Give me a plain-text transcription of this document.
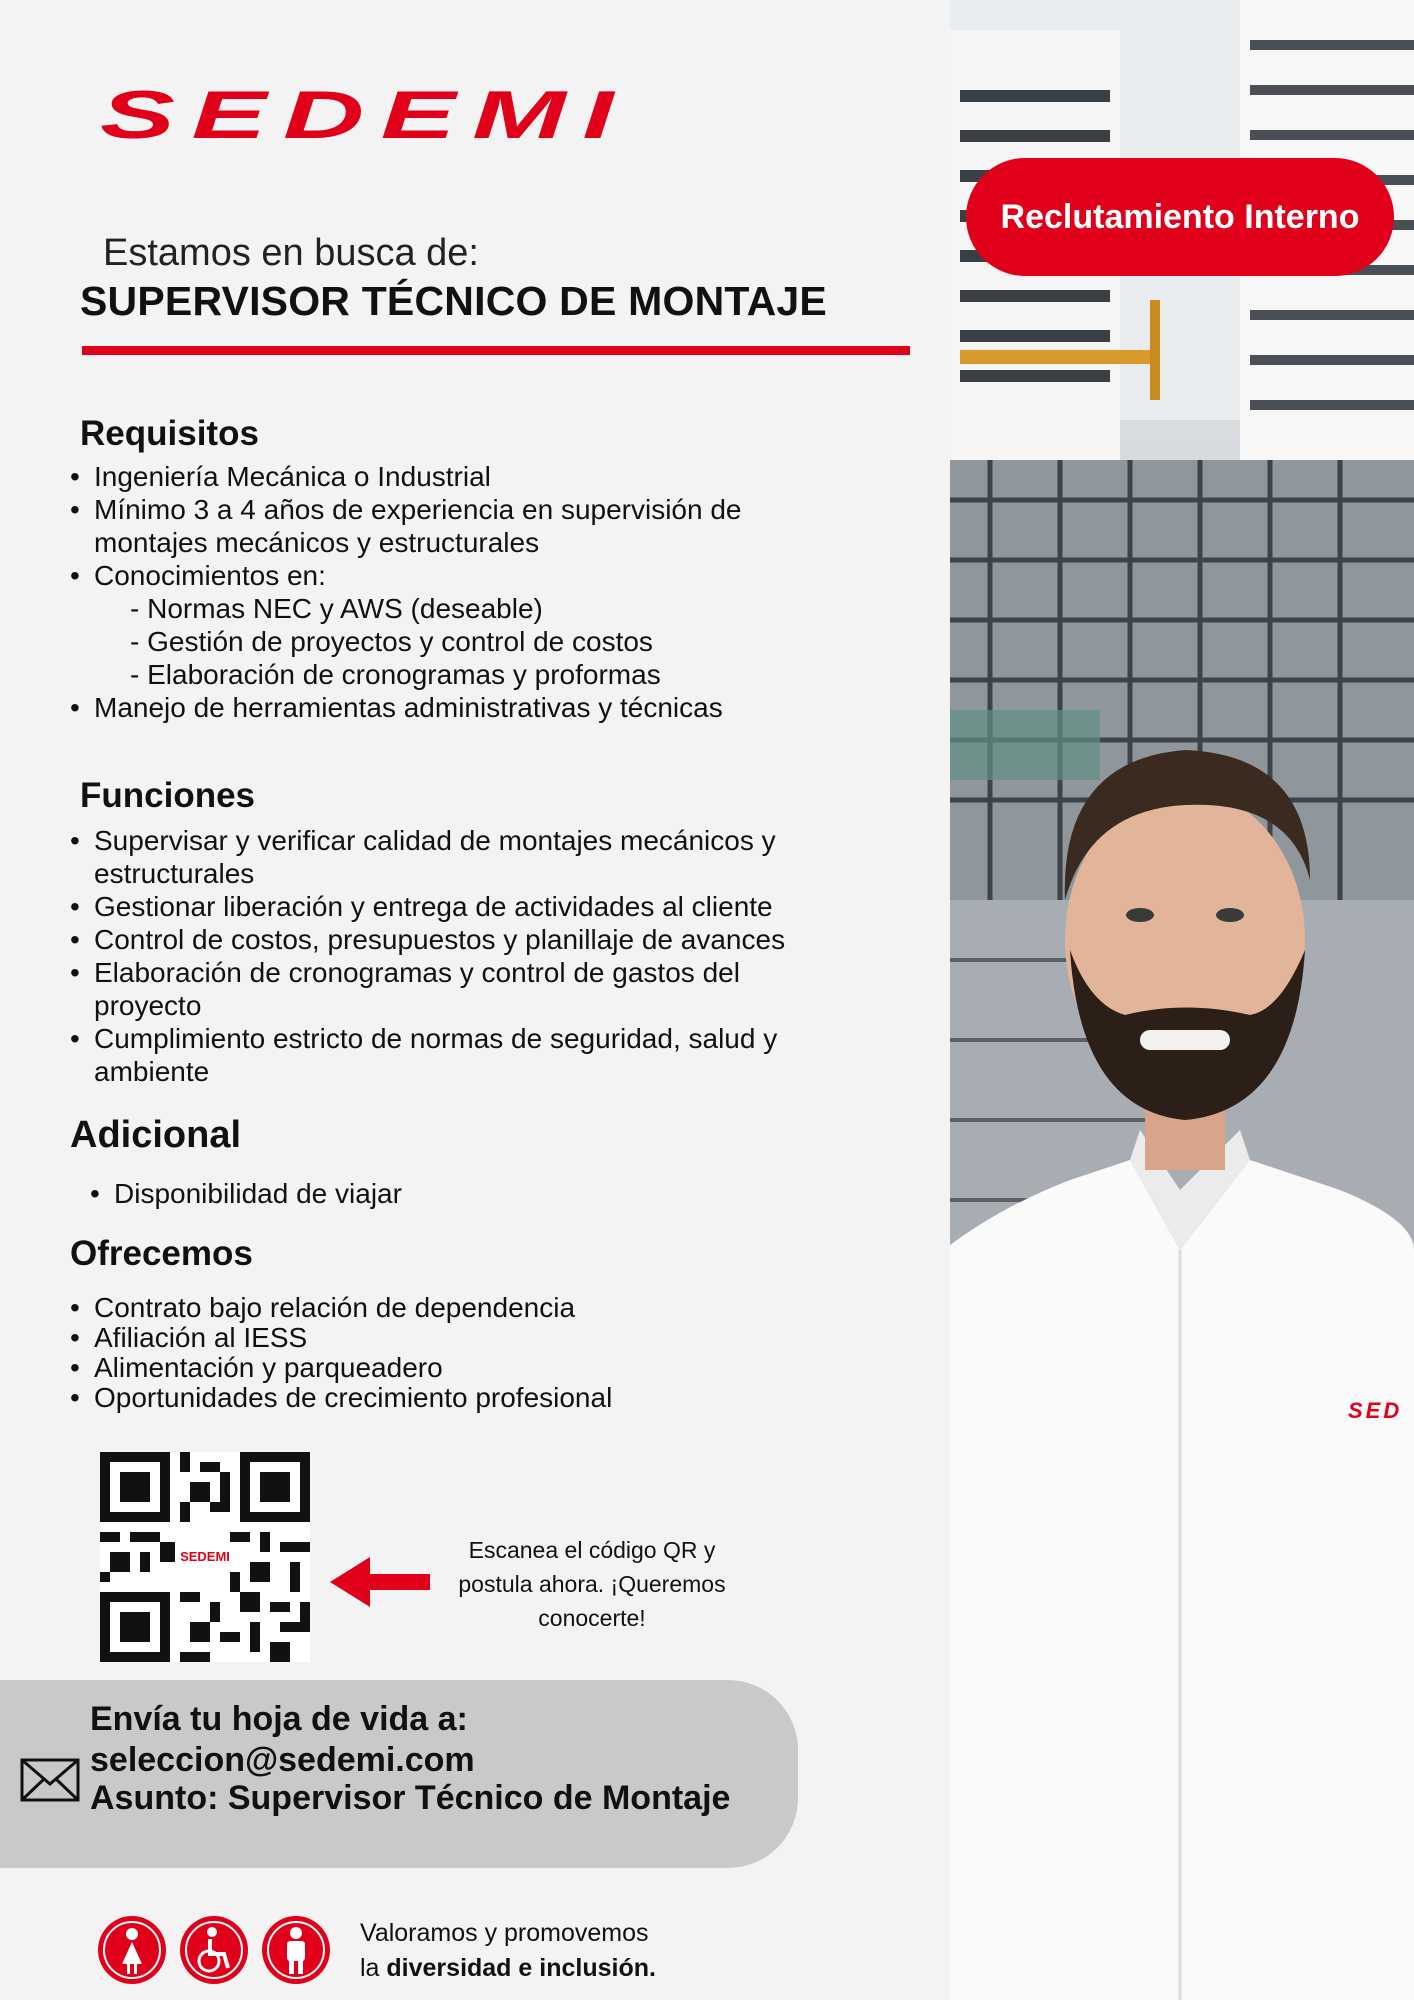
SED
SEDEMI
Reclutamiento Interno
Estamos en busca de:
SUPERVISOR TÉCNICO DE MONTAJE
Requisitos
• Ingeniería Mecánica o Industrial
• Mínimo 3 a 4 años de experiencia en supervisión de montajes mecánicos y estructurales
• Conocimientos en:
- Normas NEC y AWS (deseable)
- Gestión de proyectos y control de costos
- Elaboración de cronogramas y proformas
• Manejo de herramientas administrativas y técnicas
Funciones
• Supervisar y verificar calidad de montajes mecánicos y estructurales
• Gestionar liberación y entrega de actividades al cliente
• Control de costos, presupuestos y planillaje de avances
• Elaboración de cronogramas y control de gastos del proyecto
• Cumplimiento estricto de normas de seguridad, salud y ambiente
Adicional
• Disponibilidad de viajar
Ofrecemos
• Contrato bajo relación de dependencia
• Afiliación al IESS
• Alimentación y parqueadero
• Oportunidades de crecimiento profesional
SEDEMI	Escanea el código QR y
postula ahora. ¡Queremos
conocerte!
Envía tu hoja de vida a:
seleccion@sedemi.com
Asunto: Supervisor Técnico de Montaje
Valoramos y promovemos
la diversidad e inclusión.
